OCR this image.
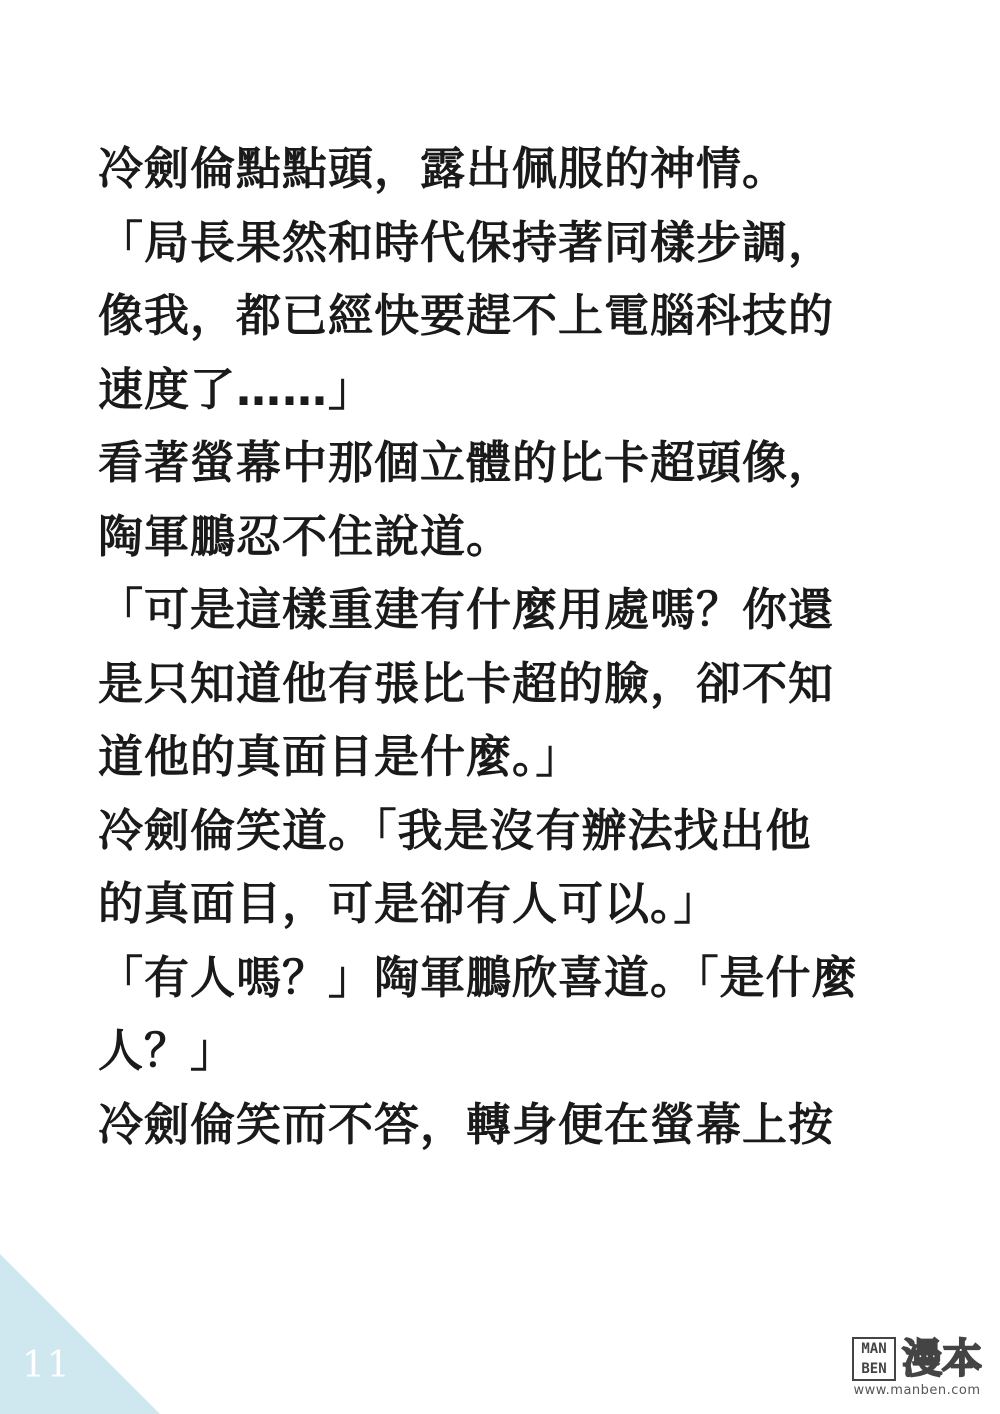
冷劍倫點點頭，露出佩服的神情。
「局長果然和時代保持著同樣步調，
像我，都已經快要趕不上電腦科技的
速度了……」
看著螢幕中那個立體的比卡超頭像，
陶軍鵬忍不住說道。
「可是這樣重建有什麼用處嗎？你還
是只知道他有張比卡超的臉，卻不知
道他的真面目是什麼。」
冷劍倫笑道。「我是沒有辦法找出他
的真面目，可是卻有人可以。」
「有人嗎？」陶軍鵬欣喜道。「是什麼
人？」
冷劍倫笑而不答，轉身便在螢幕上按
11	MAN BEN 漫本
www.manben.com
